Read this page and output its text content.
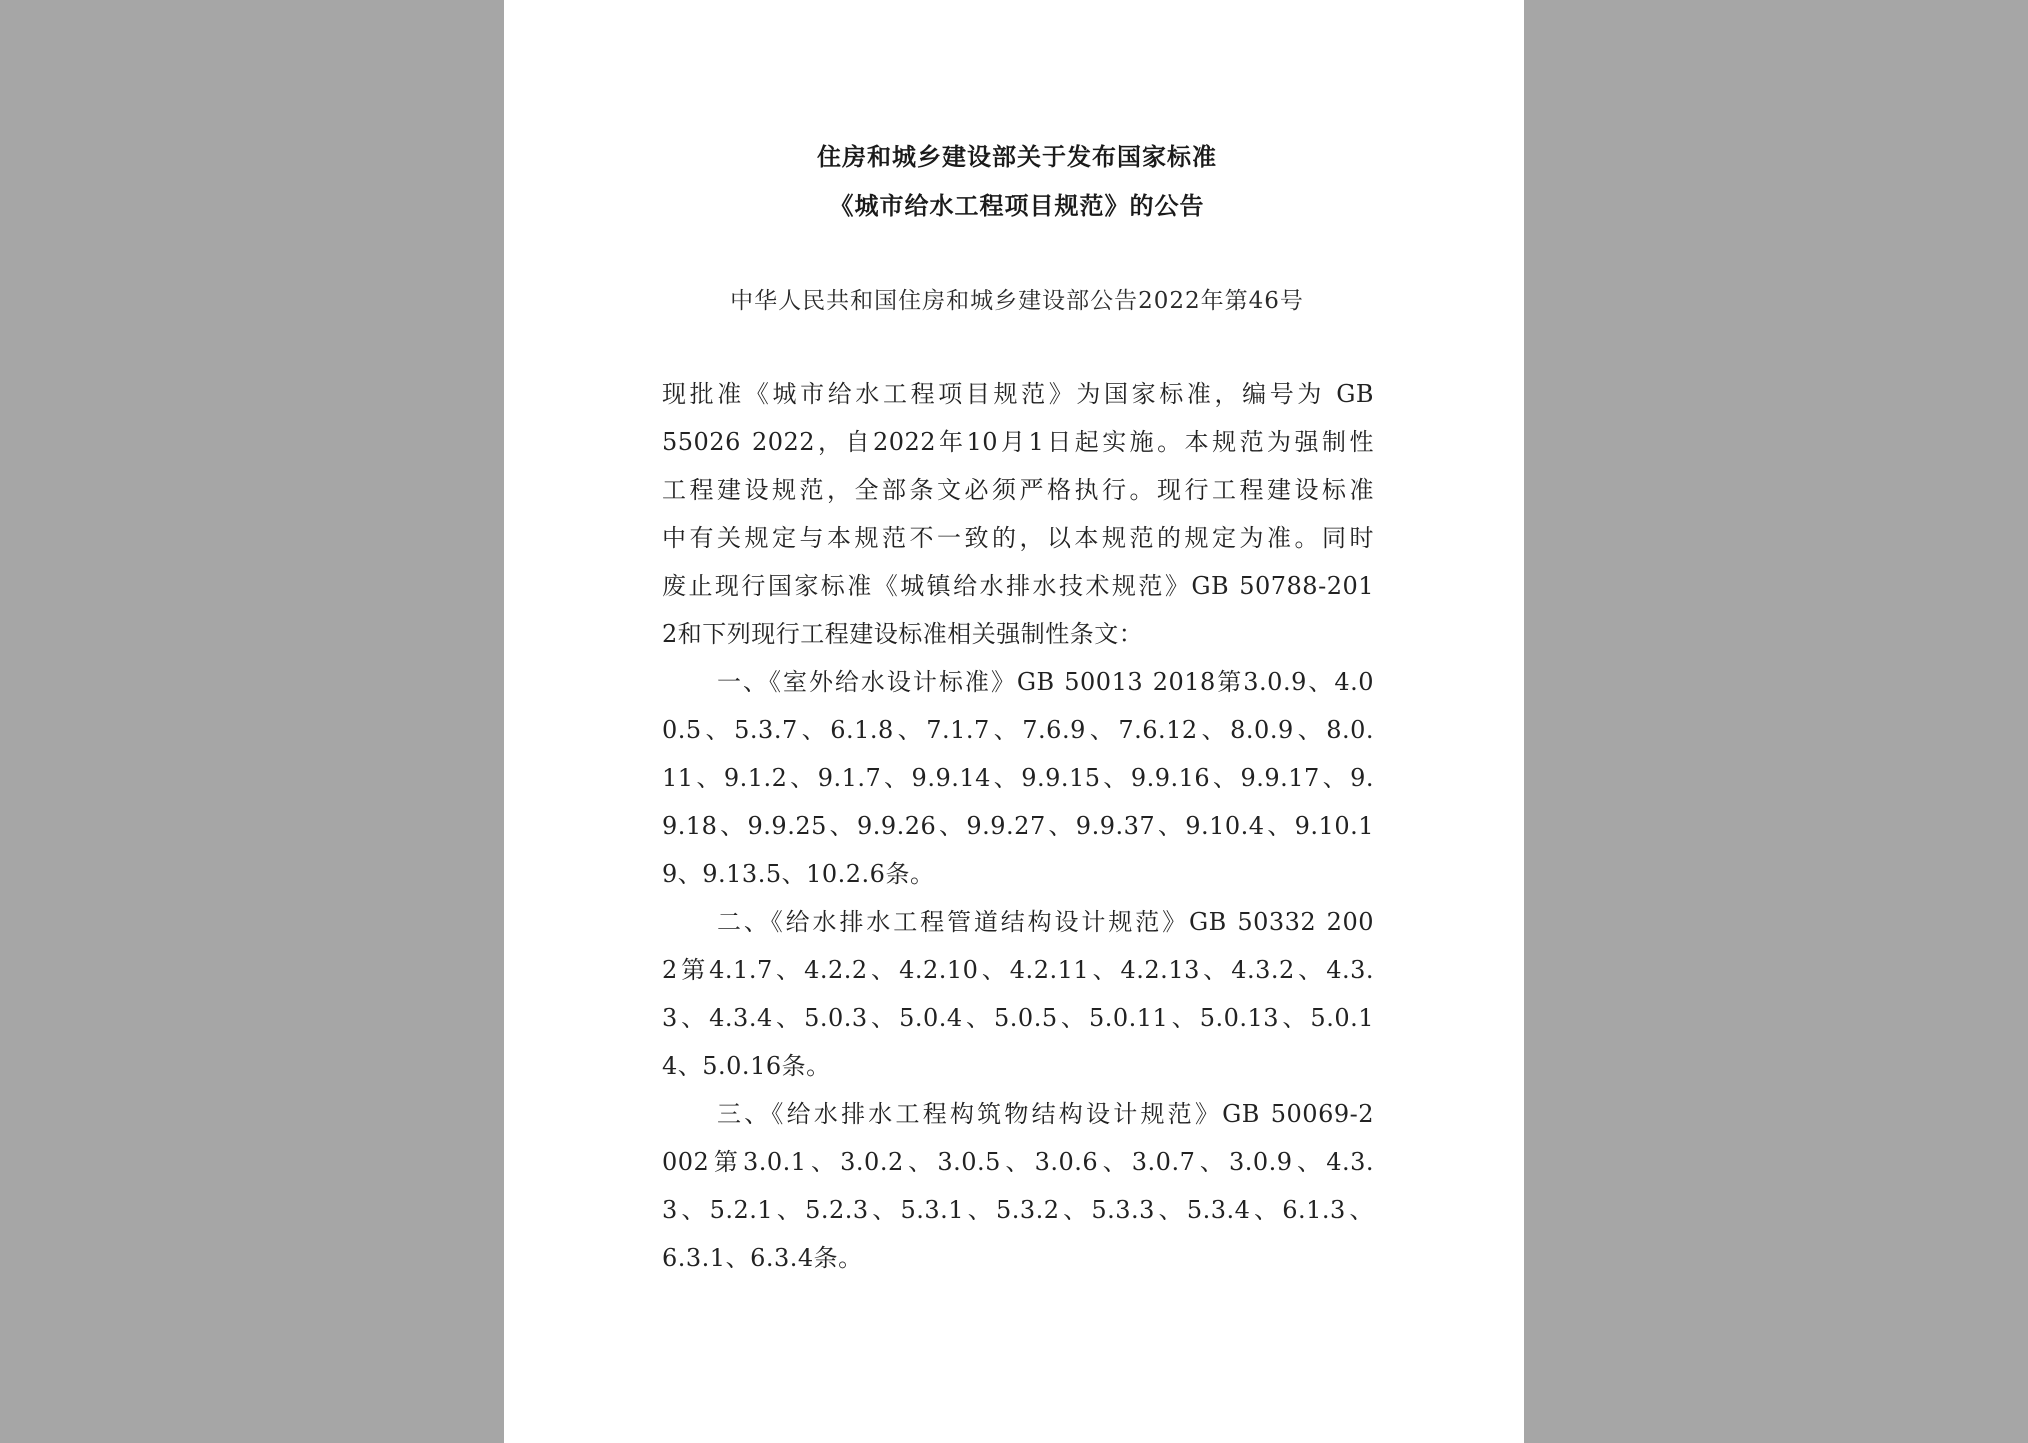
住房和城乡建设部关于发布国家标准
《城市给水工程项目规范》的公告
中华人民共和国住房和城乡建设部公告2022年第46号
现批准《城市给水工程项目规范》为国家标准，编号为 GB
55026 2022，自2022年10月1日起实施。本规范为强制性
工程建设规范，全部条文必须严格执行。现行工程建设标准
中有关规定与本规范不一致的，以本规范的规定为准。同时
废止现行国家标准《城镇给水排水技术规范》GB 50788-201
2和下列现行工程建设标准相关强制性条文：
一、《室外给水设计标准》GB 50013 2018第3.0.9、4.0
0.5、5.3.7、6.1.8、7.1.7、7.6.9、7.6.12、8.0.9、8.0.
11、9.1.2、9.1.7、9.9.14、9.9.15、9.9.16、9.9.17、9.
9.18、9.9.25、9.9.26、9.9.27、9.9.37、9.10.4、9.10.1
9、9.13.5、10.2.6条。
二、《给水排水工程管道结构设计规范》GB 50332 200
2第4.1.7、4.2.2、4.2.10、4.2.11、4.2.13、4.3.2、4.3.
3、4.3.4、5.0.3、5.0.4、5.0.5、5.0.11、5.0.13、5.0.1
4、5.0.16条。
三、《给水排水工程构筑物结构设计规范》GB 50069-2
002第3.0.1、3.0.2、3.0.5、3.0.6、3.0.7、3.0.9、4.3.
3、5.2.1、5.2.3、5.3.1、5.3.2、5.3.3、5.3.4、6.1.3、
6.3.1、6.3.4条。
